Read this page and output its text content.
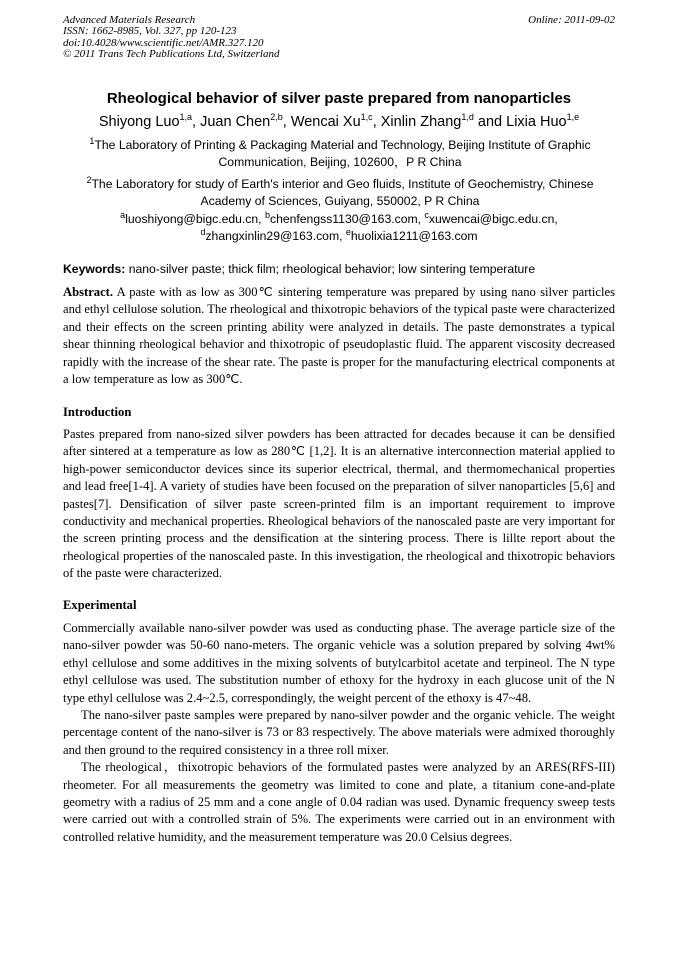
Advanced Materials Research
ISSN: 1662-8985, Vol. 327, pp 120-123
doi:10.4028/www.scientific.net/AMR.327.120
© 2011 Trans Tech Publications Ltd, Switzerland
Online: 2011-09-02
Rheological behavior of silver paste prepared from nanoparticles
Shiyong Luo$^{1,a}$, Juan Chen$^{2,b}$, Wencai Xu$^{1,c}$, Xinlin Zhang$^{1,d}$ and Lixia Huo$^{1,e}$
$^1$The Laboratory of Printing & Packaging Material and Technology, Beijing Institute of Graphic Communication, Beijing, 102600，P R China
$^2$The Laboratory for study of Earth's interior and Geo fluids, Institute of Geochemistry, Chinese Academy of Sciences, Guiyang, 550002, P R China
$^a$luoshiyong@bigc.edu.cn, $^b$chenfengss1130@163.com, $^c$xuwencai@bigc.edu.cn,
$^d$zhangxinlin29@163.com, $^e$huolixia1211@163.com
Keywords: nano-silver paste; thick film; rheological behavior; low sintering temperature
Abstract. A paste with as low as 300℃ sintering temperature was prepared by using nano silver particles and ethyl cellulose solution. The rheological and thixotropic behaviors of the typical paste were characterized and their effects on the screen printing ability were analyzed in details. The paste demonstrates a typical shear thinning rheological behavior and thixotropic of pseudoplastic fluid. The apparent viscosity decreased rapidly with the increase of the shear rate. The paste is proper for the manufacturing electrical components at a low temperature as low as 300℃.
Introduction
Pastes prepared from nano-sized silver powders has been attracted for decades because it can be densified after sintered at a temperature as low as 280℃ [1,2]. It is an alternative interconnection material applied to high-power semiconductor devices since its superior electrical, thermal, and thermomechanical properties and lead free[1-4]. A variety of studies have been focused on the preparation of silver nanoparticles [5,6] and pastes[7]. Densification of silver paste screen-printed film is an important requirement to improve conductivity and mechanical properties. Rheological behaviors of the nanoscaled paste are very important for the screen printing process and the densification at the sintering process. There is lillte report about the rheological properties of the nanoscaled paste. In this investigation, the rheological and thixotropic behaviors of the paste were characterized.
Experimental
Commercially available nano-silver powder was used as conducting phase. The average particle size of the nano-silver powder was 50-60 nano-meters. The organic vehicle was a solution prepared by solving 4wt% ethyl cellulose and some additives in the mixing solvents of butylcarbitol acetate and terpineol. The N type ethyl cellulose was used. The substitution number of ethoxy for the hydroxy in each glucose unit of the N type ethyl cellulose was 2.4~2.5, correspondingly, the weight percent of the ethoxy is 47~48.
The nano-silver paste samples were prepared by nano-silver powder and the organic vehicle. The weight percentage content of the nano-silver is 73 or 83 respectively. The above materials were admixed thoroughly and then ground to the required consistency in a three roll mixer.
The rheological，thixotropic behaviors of the formulated pastes were analyzed by an ARES(RFS-III) rheometer. For all measurements the geometry was limited to cone and plate, a titanium cone-and-plate geometry with a radius of 25 mm and a cone angle of 0.04 radian was used. Dynamic frequency sweep tests were carried out with a controlled strain of 5%. The experiments were carried out in an environment with controlled relative humidity, and the measurement temperature was 20.0 Celsius degrees.
